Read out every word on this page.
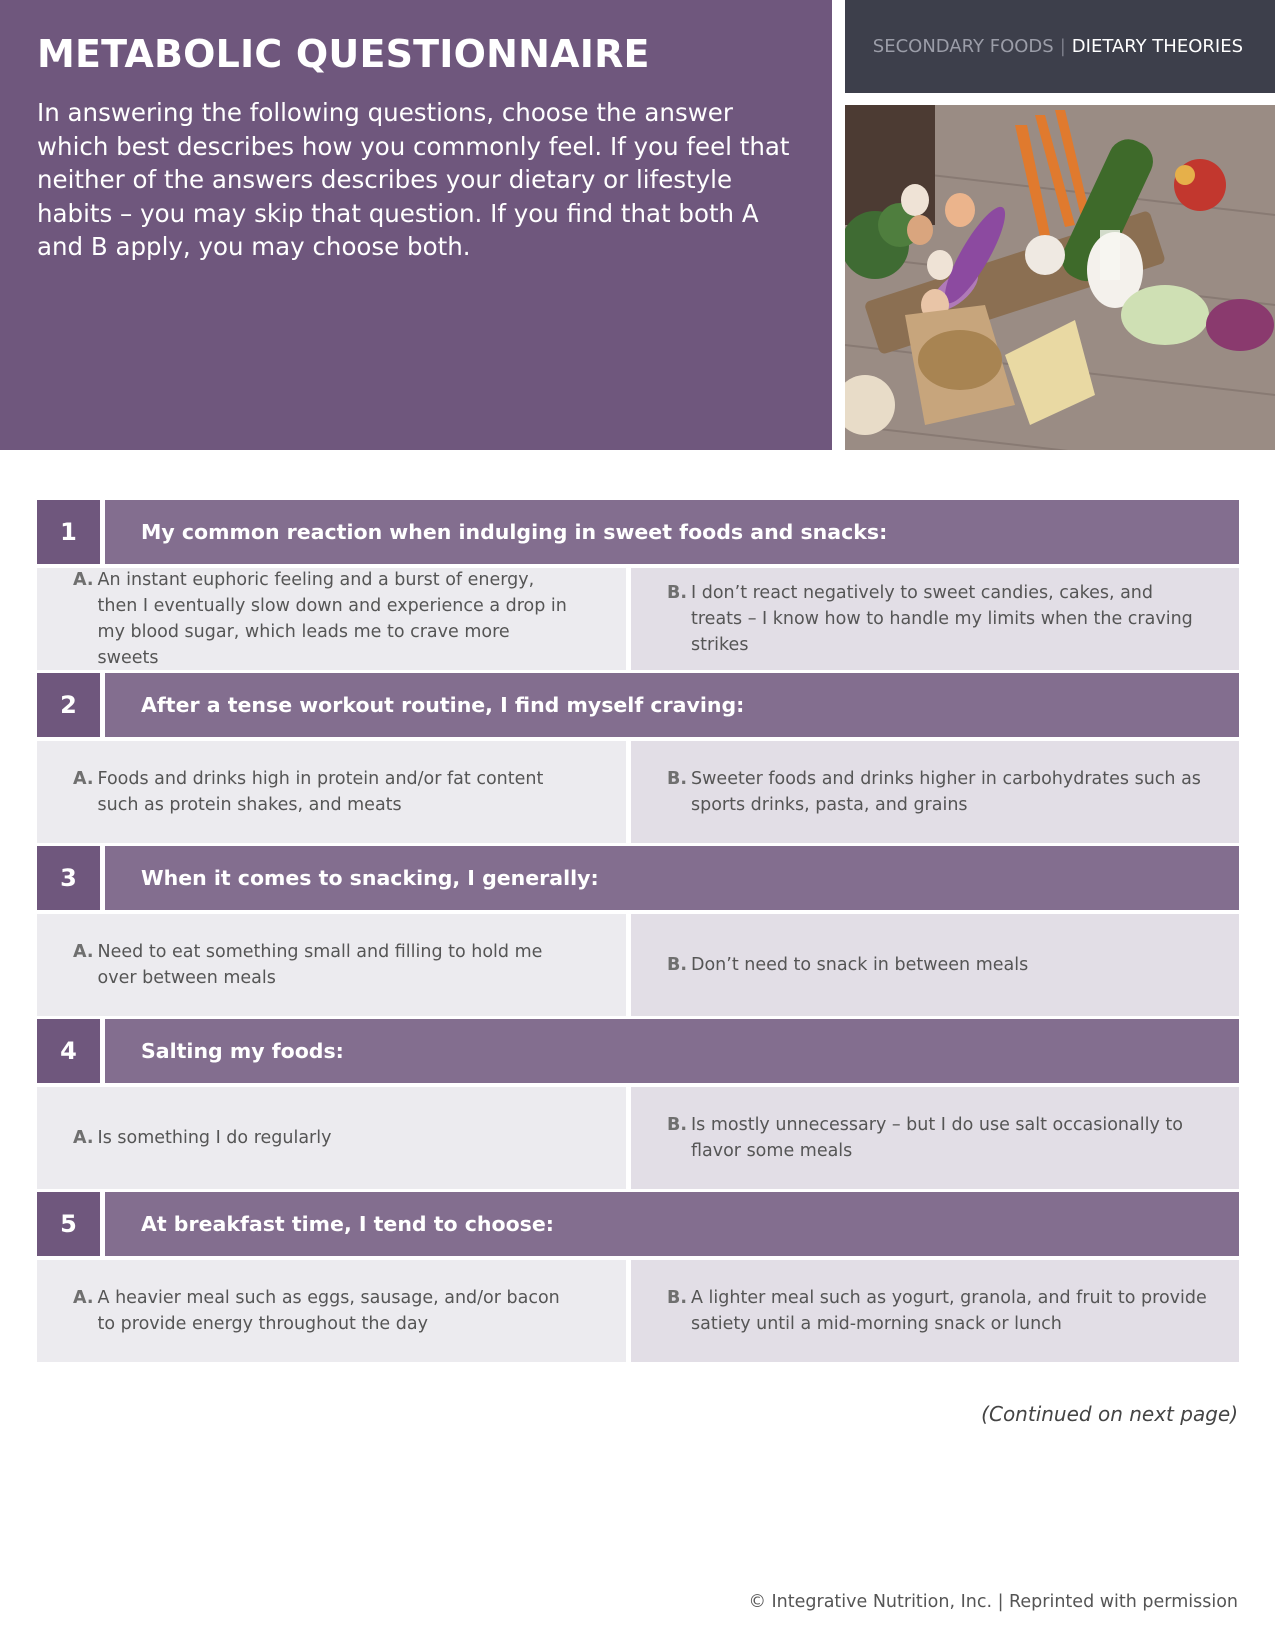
METABOLIC QUESTIONNAIRE

In answering the following questions, choose the answer which best describes how you commonly feel. If you feel that neither of the answers describes your dietary or lifestyle habits – you may skip that question. If you find that both A and B apply, you may choose both.

SECONDARY FOODS | DIETARY THEORIES
1	My common reaction when indulging in sweet foods and snacks:
A. An instant euphoric feeling and a burst of energy, then I eventually slow down and experience a drop in my blood sugar, which leads me to crave more sweets
B. I don’t react negatively to sweet candies, cakes, and treats – I know how to handle my limits when the craving strikes
2	After a tense workout routine, I find myself craving:
A. Foods and drinks high in protein and/or fat content such as protein shakes, and meats
B. Sweeter foods and drinks higher in carbohydrates such as sports drinks, pasta, and grains
3	When it comes to snacking, I generally:
A. Need to eat something small and filling to hold me over between meals
B. Don’t need to snack in between meals
4	Salting my foods:
A. Is something I do regularly
B. Is mostly unnecessary – but I do use salt occasionally to flavor some meals
5	At breakfast time, I tend to choose:
A. A heavier meal such as eggs, sausage, and/or bacon to provide energy throughout the day
B. A lighter meal such as yogurt, granola, and fruit to provide satiety until a mid-morning snack or lunch
(Continued on next page)
© Integrative Nutrition, Inc. | Reprinted with permission
